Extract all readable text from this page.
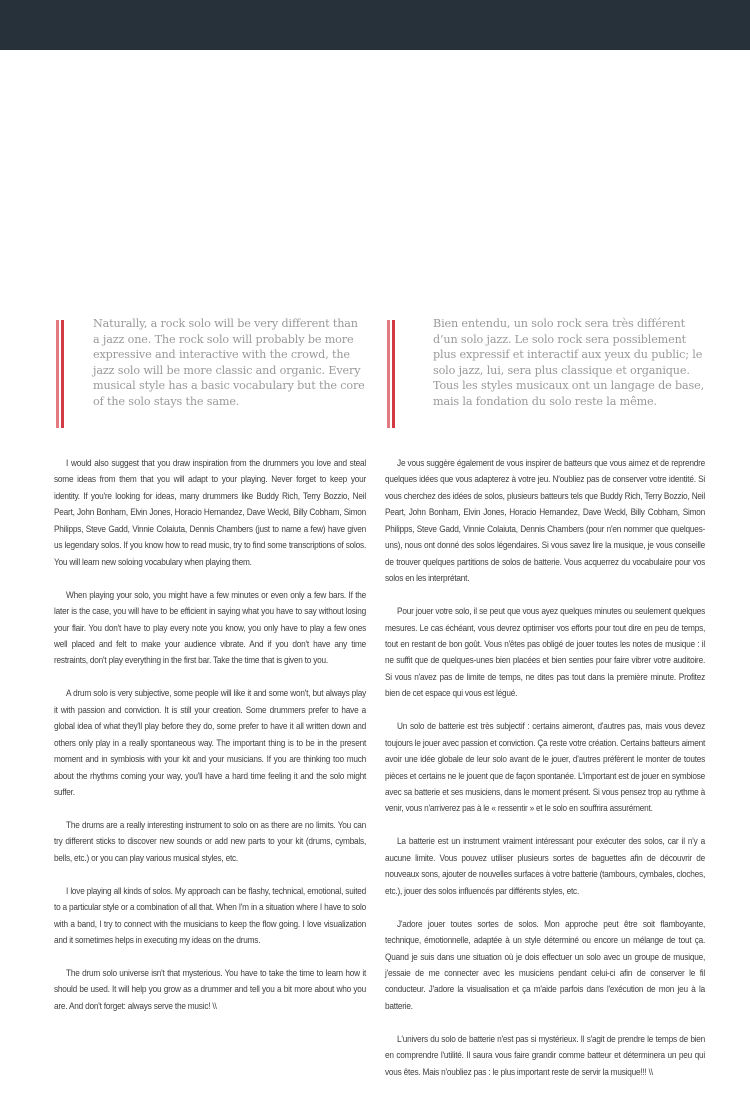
Naturally, a rock solo will be very different than a jazz one. The rock solo will probably be more expressive and interactive with the crowd, the jazz solo will be more classic and organic. Every musical style has a basic vocabulary but the core of the solo stays the same.

I would also suggest that you draw inspiration from the drummers you love and steal some ideas from them that you will adapt to your playing. Never forget to keep your identity. If you're looking for ideas, many drummers like Buddy Rich, Terry Bozzio, Neil Peart, John Bonham, Elvin Jones, Horacio Hernandez, Dave Weckl, Billy Cobham, Simon Philipps, Steve Gadd, Vinnie Colaiuta, Dennis Chambers (just to name a few) have given us legendary solos. If you know how to read music, try to find some transcriptions of solos. You will learn new soloing vocabulary when playing them.

When playing your solo, you might have a few minutes or even only a few bars. If the later is the case, you will have to be efficient in saying what you have to say without losing your flair. You don't have to play every note you know, you only have to play a few ones well placed and felt to make your audience vibrate. And if you don't have any time restraints, don't play everything in the first bar. Take the time that is given to you.

A drum solo is very subjective, some people will like it and some won't, but always play it with passion and conviction. It is still your creation. Some drummers prefer to have a global idea of what they'll play before they do, some prefer to have it all written down and others only play in a really spontaneous way. The important thing is to be in the present moment and in symbiosis with your kit and your musicians. If you are thinking too much about the rhythms coming your way, you'll have a hard time feeling it and the solo might suffer.

The drums are a really interesting instrument to solo on as there are no limits. You can try different sticks to discover new sounds or add new parts to your kit (drums, cymbals, bells, etc.) or you can play various musical styles, etc.

I love playing all kinds of solos. My approach can be flashy, technical, emotional, suited to a particular style or a combination of all that. When I'm in a situation where I have to solo with a band, I try to connect with the musicians to keep the flow going. I love visualization and it sometimes helps in executing my ideas on the drums.

The drum solo universe isn't that mysterious. You have to take the time to learn how it should be used. It will help you grow as a drummer and tell you a bit more about who you are. And don't forget: always serve the music! \\

Bien entendu, un solo rock sera très différent d’un solo jazz. Le solo rock sera possiblement plus expressif et interactif aux yeux du public; le solo jazz, lui, sera plus classique et organique. Tous les styles musicaux ont un langage de base, mais la fondation du solo reste la même.

Je vous suggère également de vous inspirer de batteurs que vous aimez et de reprendre quelques idées que vous adapterez à votre jeu. N'oubliez pas de conserver votre identité. Si vous cherchez des idées de solos, plusieurs batteurs tels que Buddy Rich, Terry Bozzio, Neil Peart, John Bonham, Elvin Jones, Horacio Hernandez, Dave Weckl, Billy Cobham, Simon Philipps, Steve Gadd, Vinnie Colaiuta, Dennis Chambers (pour n'en nommer que quelques-uns), nous ont donné des solos légendaires. Si vous savez lire la musique, je vous conseille de trouver quelques partitions de solos de batterie. Vous acquerrez du vocabulaire pour vos solos en les interprétant.

Pour jouer votre solo, il se peut que vous ayez quelques minutes ou seulement quelques mesures. Le cas échéant, vous devrez optimiser vos efforts pour tout dire en peu de temps, tout en restant de bon goût. Vous n'êtes pas obligé de jouer toutes les notes de musique : il ne suffit que de quelques-unes bien placées et bien senties pour faire vibrer votre auditoire. Si vous n'avez pas de limite de temps, ne dites pas tout dans la première minute. Profitez bien de cet espace qui vous est légué.

Un solo de batterie est très subjectif : certains aimeront, d'autres pas, mais vous devez toujours le jouer avec passion et conviction. Ça reste votre création. Certains batteurs aiment avoir une idée globale de leur solo avant de le jouer, d'autres préfèrent le monter de toutes pièces et certains ne le jouent que de façon spontanée. L'important est de jouer en symbiose avec sa batterie et ses musiciens, dans le moment présent. Si vous pensez trop au rythme à venir, vous n'arriverez pas à le « ressentir » et le solo en souffrira assurément.

La batterie est un instrument vraiment intéressant pour exécuter des solos, car il n'y a aucune limite. Vous pouvez utiliser plusieurs sortes de baguettes afin de découvrir de nouveaux sons, ajouter de nouvelles surfaces à votre batterie (tambours, cymbales, cloches, etc.), jouer des solos influencés par différents styles, etc.

J'adore jouer toutes sortes de solos. Mon approche peut être soit flamboyante, technique, émotionnelle, adaptée à un style déterminé ou encore un mélange de tout ça. Quand je suis dans une situation où je dois effectuer un solo avec un groupe de musique, j'essaie de me connecter avec les musiciens pendant celui-ci afin de conserver le fil conducteur. J'adore la visualisation et ça m'aide parfois dans l'exécution de mon jeu à la batterie.

L'univers du solo de batterie n'est pas si mystérieux. Il s'agit de prendre le temps de bien en comprendre l'utilité. Il saura vous faire grandir comme batteur et déterminera un peu qui vous êtes. Mais n'oubliez pas : le plus important reste de servir la musique!!! \\
